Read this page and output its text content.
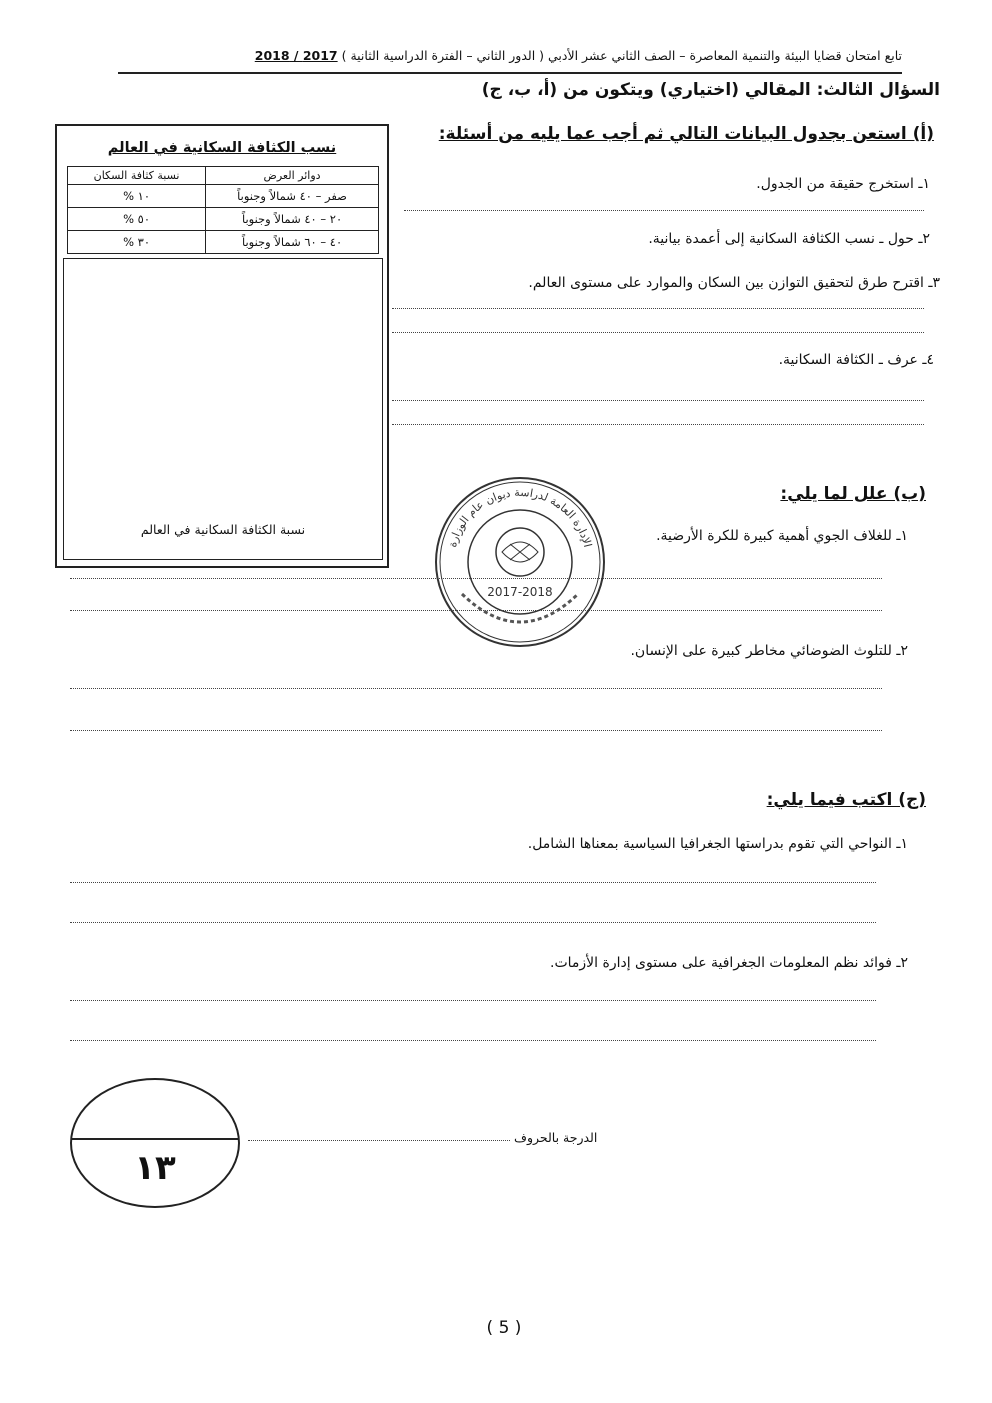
تابع امتحان قضايا البيئة والتنمية المعاصرة – الصف الثاني عشر الأدبي ( الدور الثاني – الفترة الدراسية الثانية ) 2017 / 2018
السؤال الثالث: المقالي (اختياري) ويتكون من (أ، ب، ج)
(أ) استعن بجدول البيانات التالي ثم أجب عما يليه من أسئلة:
١ـ استخرج حقيقة من الجدول.
٢ـ حول ـ نسب الكثافة السكانية إلى أعمدة بيانية.
٣ـ اقترح طرق لتحقيق التوازن بين السكان والموارد على مستوى العالم.
٤ـ عرف ـ الكثافة السكانية.
نسب الكثافة السكانية في العالم
دوائر العرض	نسبة كثافة السكان
صفر – ٤٠ شمالاً وجنوباً	١٠ %
٢٠ – ٤٠ شمالاً وجنوباً	٥٠ %
٤٠ – ٦٠ شمالاً وجنوباً	٣٠ %
نسبة الكثافة السكانية في العالم
(ب) علل لما يلي:
١ـ للغلاف الجوي أهمية كبيرة للكرة الأرضية.
٢ـ للتلوث الضوضائي مخاطر كبيرة على الإنسان.
(ج) اكتب فيما يلي:
١ـ النواحي التي تقوم بدراستها الجغرافيا السياسية بمعناها الشامل.
٢ـ فوائد نظم المعلومات الجغرافية على مستوى إدارة الأزمات.
الإدارة العامة لدراسة ديوان عام الوزارة
2017-2018
١٣
الدرجة بالحروف
( 5 )
